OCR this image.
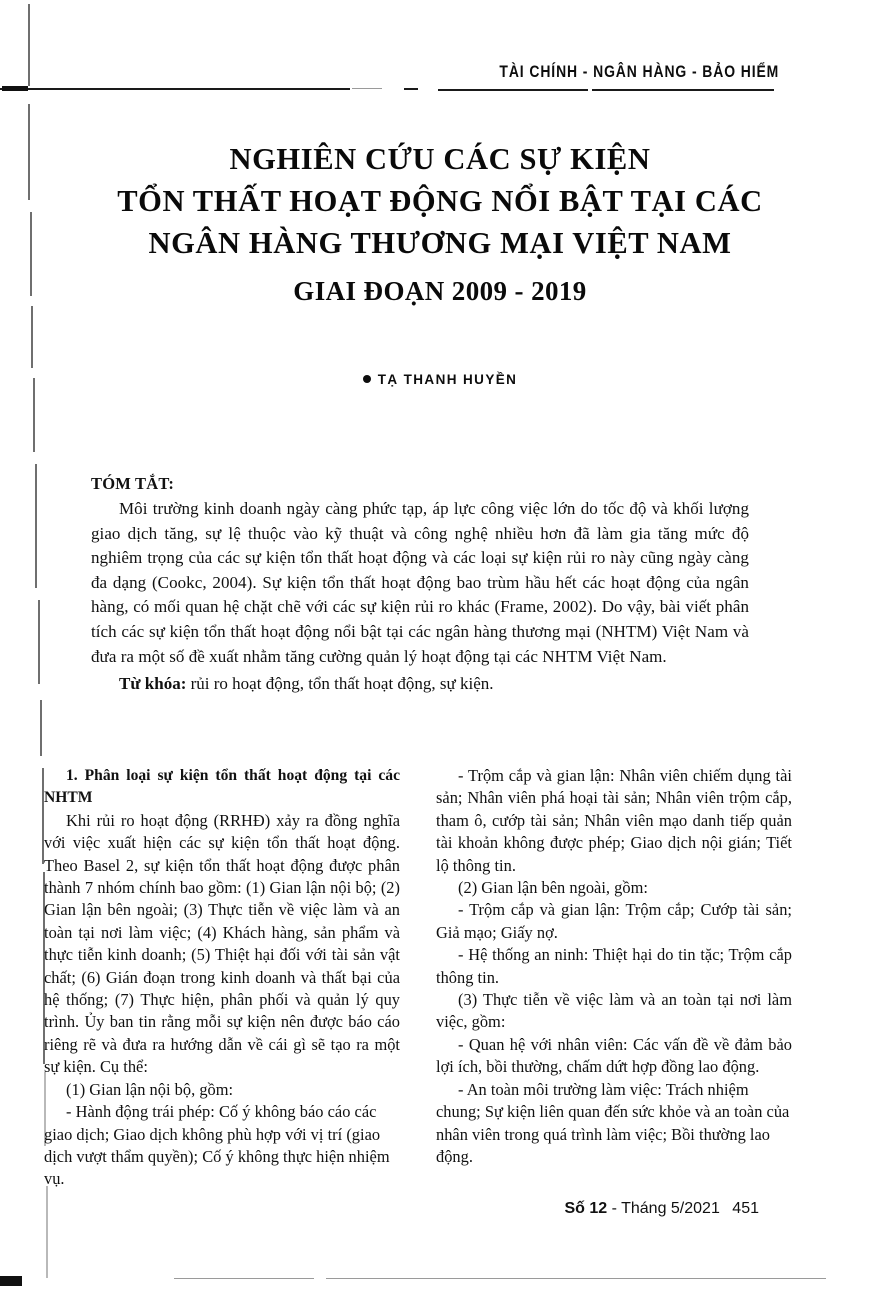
TÀI CHÍNH - NGÂN HÀNG - BẢO HIỂM
NGHIÊN CỨU CÁC SỰ KIỆN
TỔN THẤT HOẠT ĐỘNG NỔI BẬT TẠI CÁC
NGÂN HÀNG THƯƠNG MẠI VIỆT NAM
GIAI ĐOẠN 2009 - 2019
TẠ THANH HUYỀN
TÓM TẮT:
Môi trường kinh doanh ngày càng phức tạp, áp lực công việc lớn do tốc độ và khối lượng giao dịch tăng, sự lệ thuộc vào kỹ thuật và công nghệ nhiều hơn đã làm gia tăng mức độ nghiêm trọng của các sự kiện tổn thất hoạt động và các loại sự kiện rủi ro này cũng ngày càng đa dạng (Cookc, 2004). Sự kiện tổn thất hoạt động bao trùm hầu hết các hoạt động của ngân hàng, có mối quan hệ chặt chẽ với các sự kiện rủi ro khác (Frame, 2002). Do vậy, bài viết phân tích các sự kiện tổn thất hoạt động nổi bật tại các ngân hàng thương mại (NHTM) Việt Nam và đưa ra một số đề xuất nhằm tăng cường quản lý hoạt động tại các NHTM Việt Nam.
Từ khóa: rủi ro hoạt động, tổn thất hoạt động, sự kiện.
1. Phân loại sự kiện tổn thất hoạt động tại các NHTM

Khi rủi ro hoạt động (RRHĐ) xảy ra đồng nghĩa với việc xuất hiện các sự kiện tổn thất hoạt động. Theo Basel 2, sự kiện tổn thất hoạt động được phân thành 7 nhóm chính bao gồm: (1) Gian lận nội bộ; (2) Gian lận bên ngoài; (3) Thực tiễn về việc làm và an toàn tại nơi làm việc; (4) Khách hàng, sản phẩm và thực tiễn kinh doanh; (5) Thiệt hại đối với tài sản vật chất; (6) Gián đoạn trong kinh doanh và thất bại của hệ thống; (7) Thực hiện, phân phối và quản lý quy trình. Ủy ban tin rằng mỗi sự kiện nên được báo cáo riêng rẽ và đưa ra hướng dẫn về cái gì sẽ tạo ra một sự kiện. Cụ thể:

(1) Gian lận nội bộ, gồm:

- Hành động trái phép: Cố ý không báo cáo các giao dịch; Giao dịch không phù hợp với vị trí (giao dịch vượt thẩm quyền); Cố ý không thực hiện nhiệm vụ.

- Trộm cắp và gian lận: Nhân viên chiếm dụng tài sản; Nhân viên phá hoại tài sản; Nhân viên trộm cắp, tham ô, cướp tài sản; Nhân viên mạo danh tiếp quản tài khoản không được phép; Giao dịch nội gián; Tiết lộ thông tin.

(2) Gian lận bên ngoài, gồm:

- Trộm cắp và gian lận: Trộm cắp; Cướp tài sản; Giả mạo; Giấy nợ.

- Hệ thống an ninh: Thiệt hại do tin tặc; Trộm cắp thông tin.

(3) Thực tiễn về việc làm và an toàn tại nơi làm việc, gồm:

- Quan hệ với nhân viên: Các vấn đề về đảm bảo lợi ích, bồi thường, chấm dứt hợp đồng lao động.

- An toàn môi trường làm việc: Trách nhiệm chung; Sự kiện liên quan đến sức khỏe và an toàn của nhân viên trong quá trình làm việc; Bồi thường lao động.

Số 12 - Tháng 5/2021 451
